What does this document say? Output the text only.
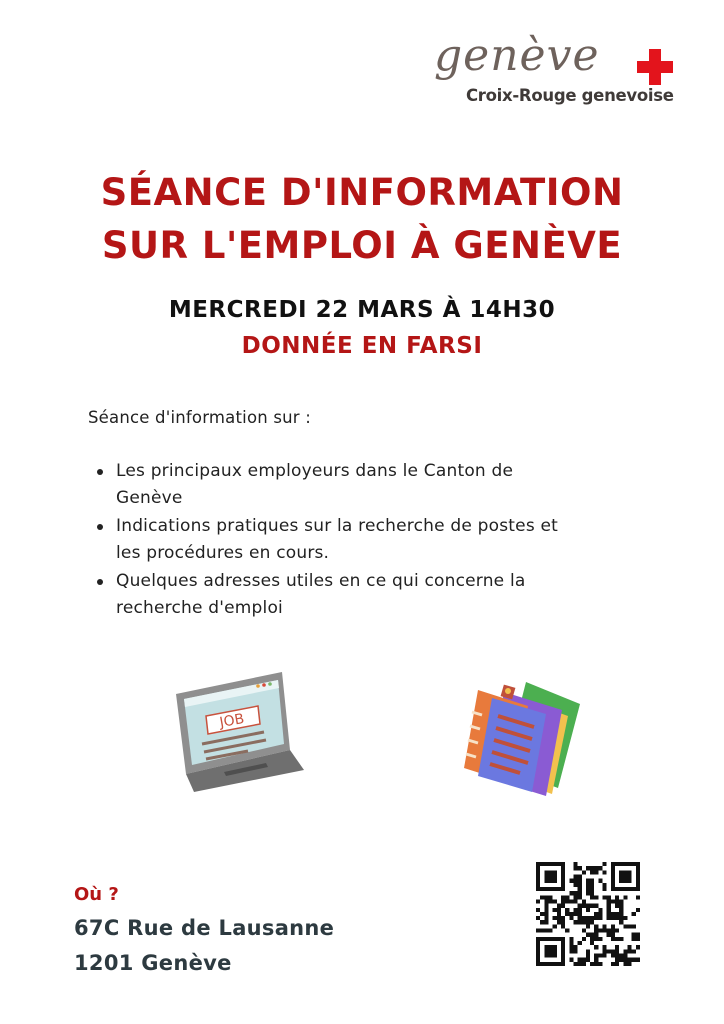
genève
Croix-Rouge genevoise
SÉANCE D'INFORMATION
SUR L'EMPLOI À GENÈVE
MERCREDI 22 MARS À 14H30
DONNÉE EN FARSI
Séance d'information sur :
Les principaux employeurs dans le Canton de
Genève
Indications pratiques sur la recherche de postes et
les procédures en cours.
Quelques adresses utiles en ce qui concerne la
recherche d'emploi
JOB
Où ?
67C Rue de Lausanne
1201 Genève
